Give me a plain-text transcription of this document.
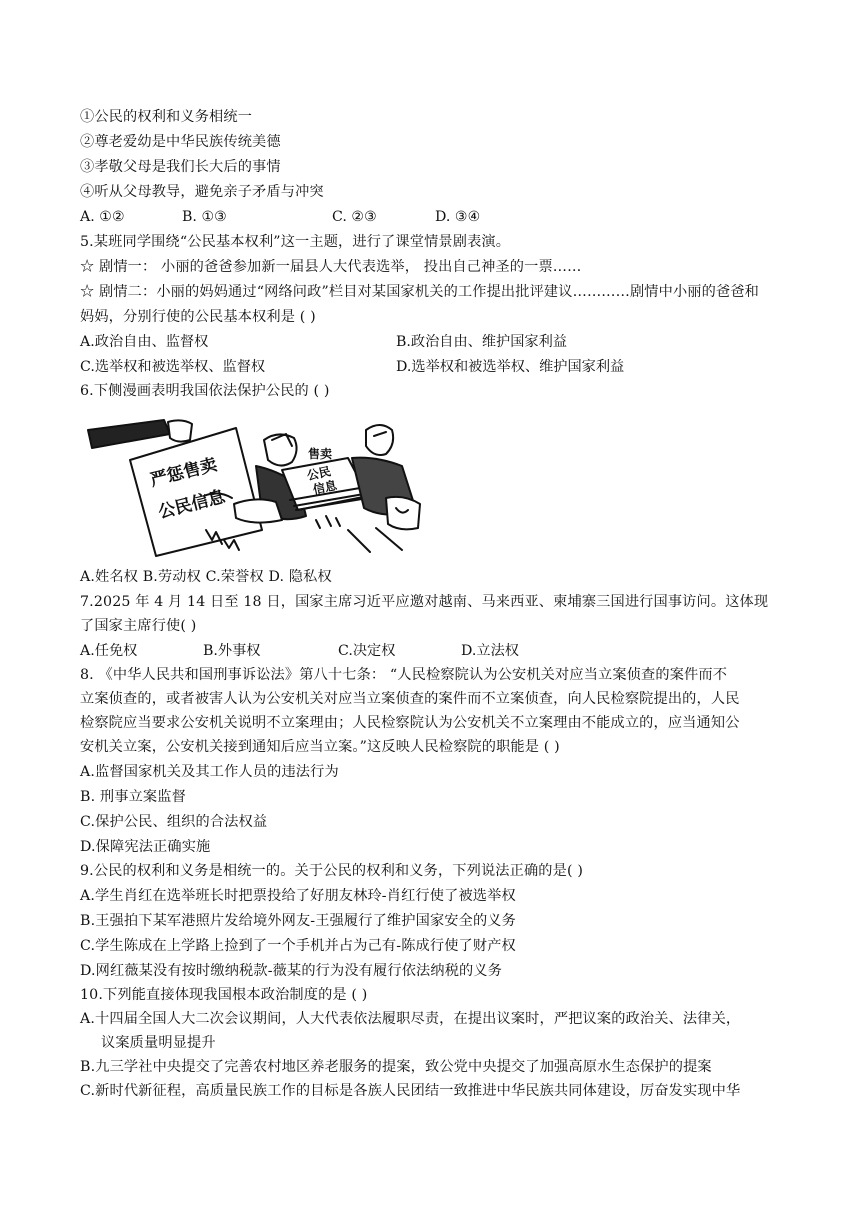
①公民的权利和义务相统一
②尊老爱幼是中华民族传统美德
③孝敬父母是我们长大后的事情
④听从父母教导，避免亲子矛盾与冲突
A. ①②	B. ①③	C. ②③	D. ③④
5.某班同学围绕“公民基本权利”这一主题，进行了课堂情景剧表演。
☆ 剧情一： 小丽的爸爸参加新一届县人大代表选举， 投出自己神圣的一票……
☆ 剧情二：小丽的妈妈通过“网络问政”栏目对某国家机关的工作提出批评建议…………剧情中小丽的爸爸和
妈妈，分别行使的公民基本权利是 ( )
A.政治自由、监督权	B.政治自由、维护国家利益
C.选举权和被选举权、监督权	D.选举权和被选举权、维护国家利益
6.下侧漫画表明我国依法保护公民的 ( )
严惩售卖
公民信息
售卖
公民
信息
A.姓名权 B.劳动权 C.荣誉权 D. 隐私权
7.2025 年 4 月 14 日至 18 日，国家主席习近平应邀对越南、马来西亚、柬埔寨三国进行国事访问。这体现
了国家主席行使( )
A.任免权	B.外事权	C.决定权	D.立法权
8. 《中华人民共和国刑事诉讼法》第八十七条： “人民检察院认为公安机关对应当立案侦查的案件而不
立案侦查的，或者被害人认为公安机关对应当立案侦查的案件而不立案侦查，向人民检察院提出的，人民
检察院应当要求公安机关说明不立案理由；人民检察院认为公安机关不立案理由不能成立的，应当通知公
安机关立案，公安机关接到通知后应当立案。”这反映人民检察院的职能是 ( )
A.监督国家机关及其工作人员的违法行为
B. 刑事立案监督
C.保护公民、组织的合法权益
D.保障宪法正确实施
9.公民的权利和义务是相统一的。关于公民的权利和义务，下列说法正确的是( )
A.学生肖红在选举班长时把票投给了好朋友林玲-肖红行使了被选举权
B.王强拍下某军港照片发给境外网友-王强履行了维护国家安全的义务
C.学生陈成在上学路上捡到了一个手机并占为己有-陈成行使了财产权
D.网红薇某没有按时缴纳税款-薇某的行为没有履行依法纳税的义务
10.下列能直接体现我国根本政治制度的是 ( )
A.十四届全国人大二次会议期间，人大代表依法履职尽责，在提出议案时，严把议案的政治关、法律关，
议案质量明显提升
B.九三学社中央提交了完善农村地区养老服务的提案，致公党中央提交了加强高原水生态保护的提案
C.新时代新征程，高质量民族工作的目标是各族人民团结一致推进中华民族共同体建设，厉奋发实现中华
